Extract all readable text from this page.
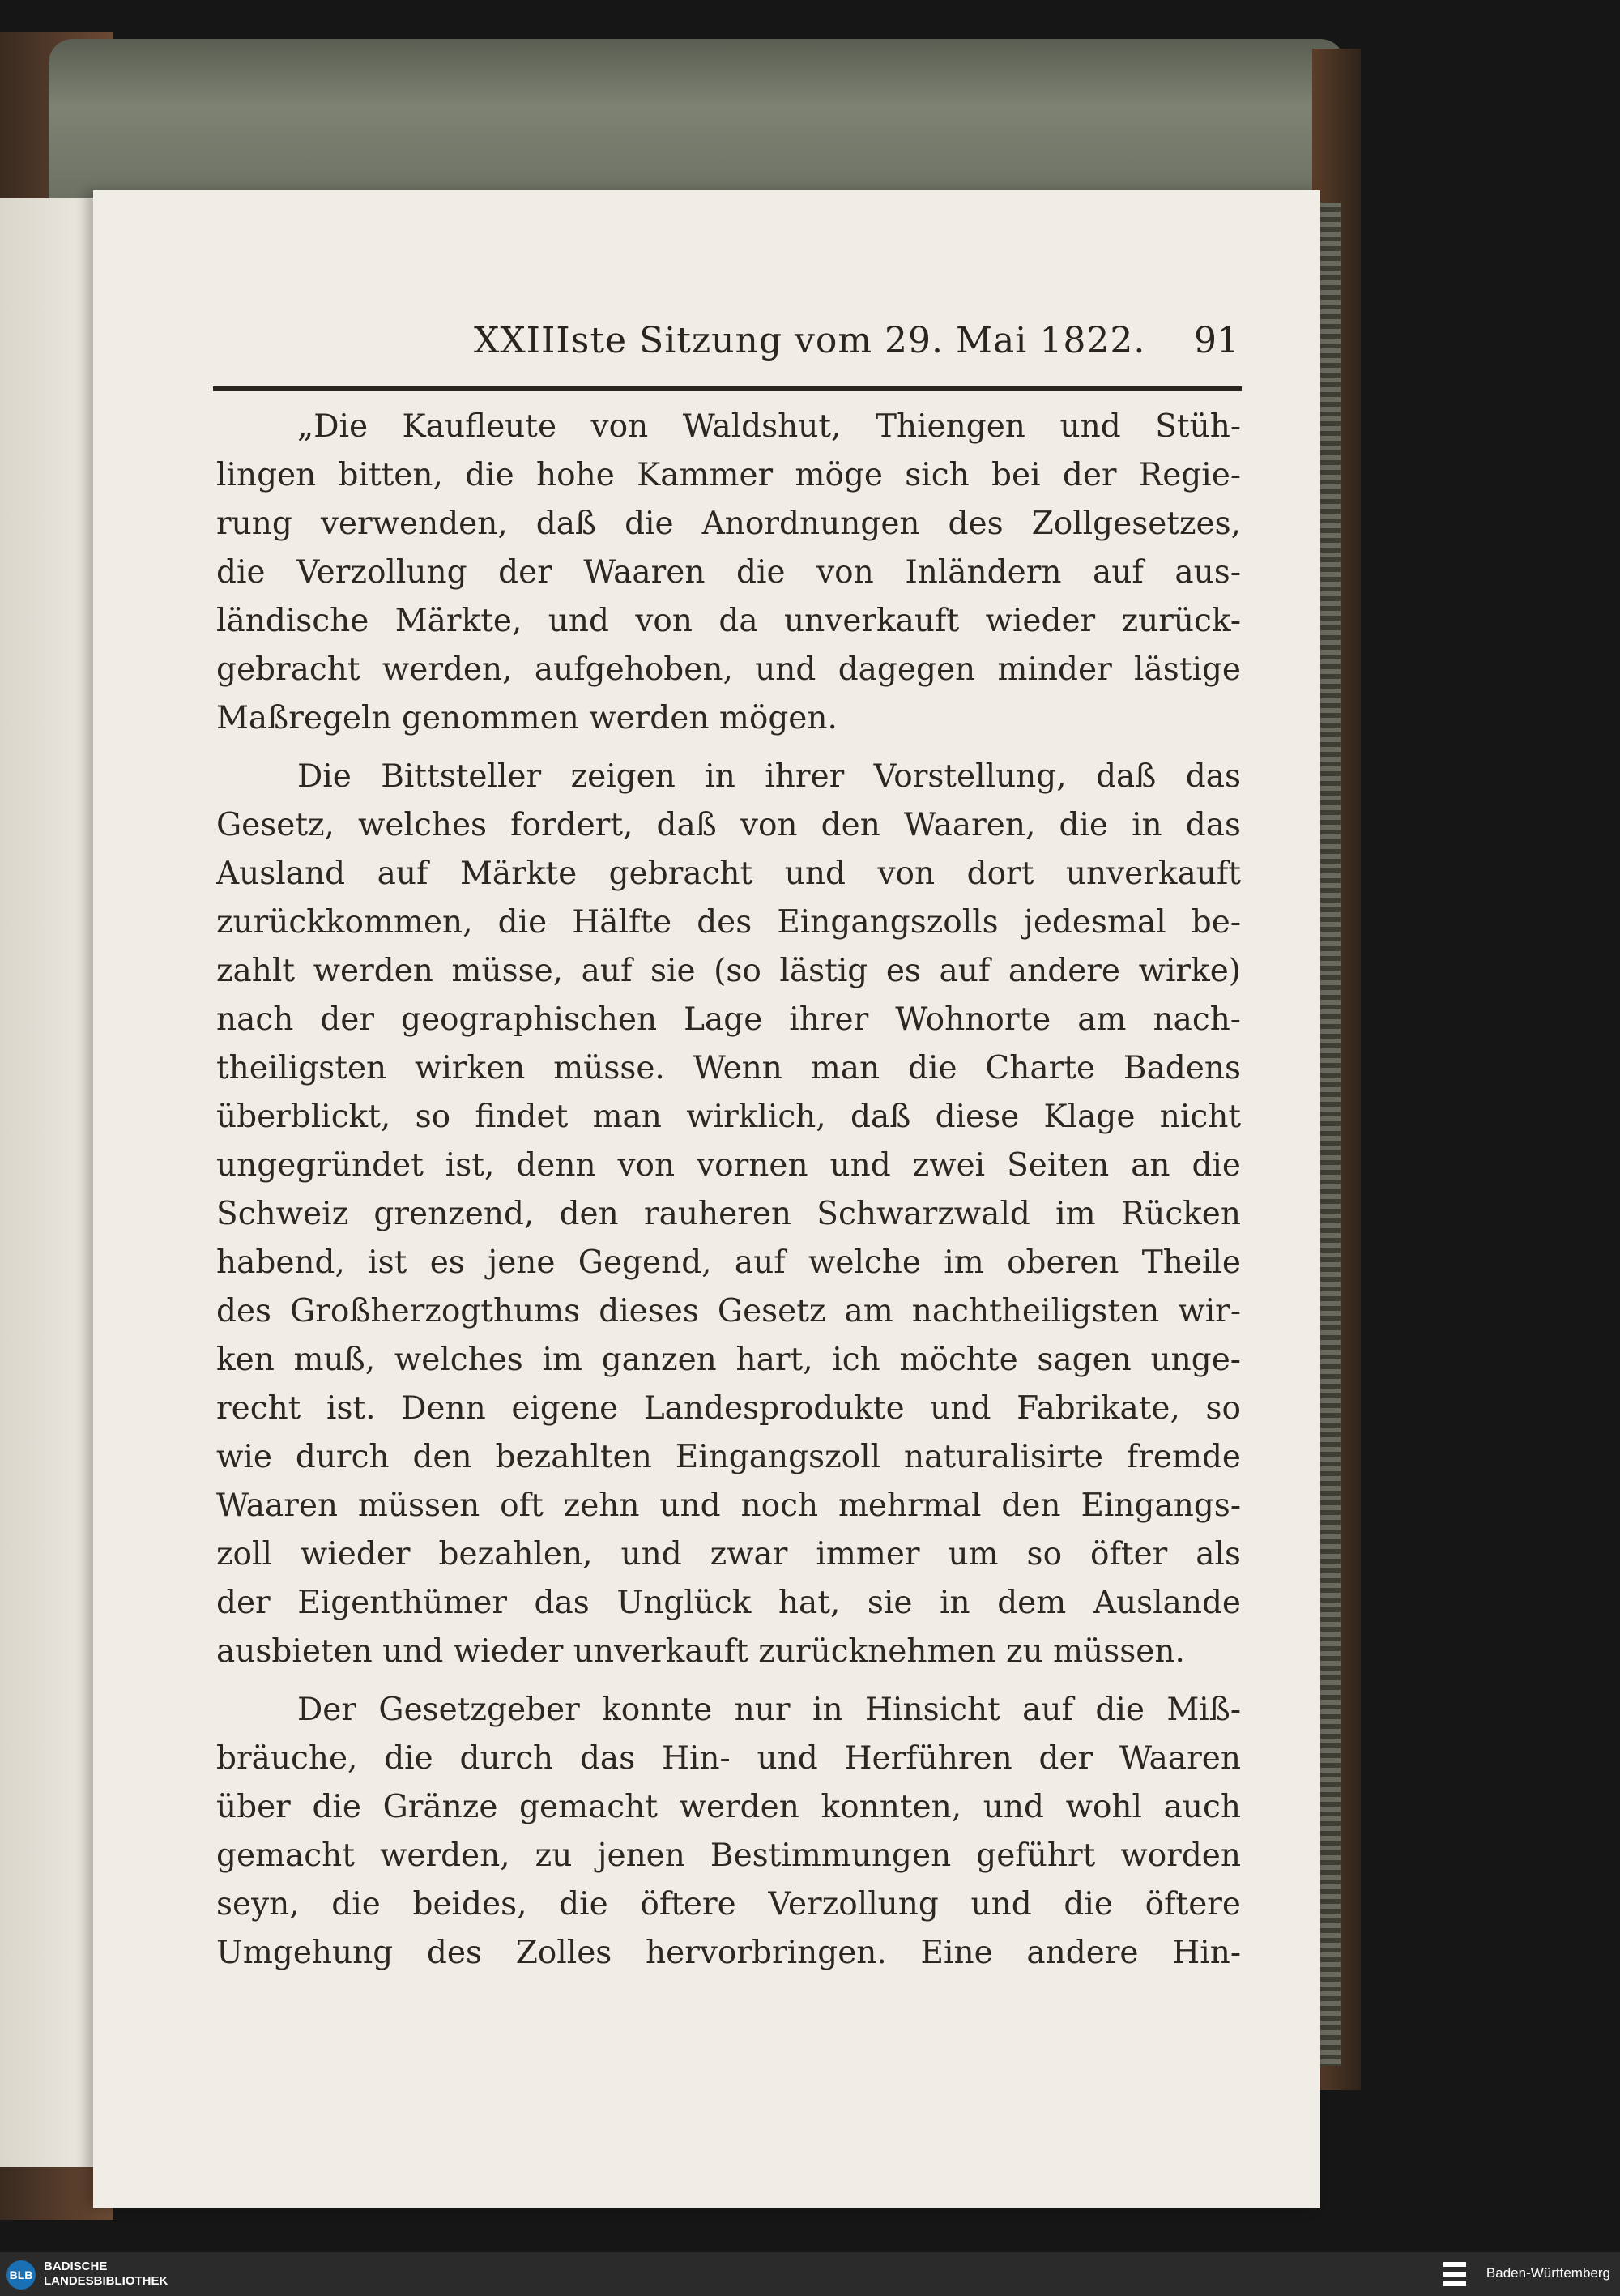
XXIIIste Sitzung vom 29. Mai 1822. 91

„Die Kaufleute von Waldshut, Thiengen und Stüh-
lingen bitten, die hohe Kammer möge sich bei der Regie-
rung verwenden, daß die Anordnungen des Zollgesetzes,
die Verzollung der Waaren die von Inländern auf aus-
ländische Märkte, und von da unverkauft wieder zurück-
gebracht werden, aufgehoben, und dagegen minder lästige
Maßregeln genommen werden mögen.

Die Bittsteller zeigen in ihrer Vorstellung, daß das
Gesetz, welches fordert, daß von den Waaren, die in das
Ausland auf Märkte gebracht und von dort unverkauft
zurückkommen, die Hälfte des Eingangszolls jedesmal be-
zahlt werden müsse, auf sie (so lästig es auf andere wirke)
nach der geographischen Lage ihrer Wohnorte am nach-
theiligsten wirken müsse. Wenn man die Charte Badens
überblickt, so findet man wirklich, daß diese Klage nicht
ungegründet ist, denn von vornen und zwei Seiten an die
Schweiz grenzend, den rauheren Schwarzwald im Rücken
habend, ist es jene Gegend, auf welche im oberen Theile
des Großherzogthums dieses Gesetz am nachtheiligsten wir-
ken muß, welches im ganzen hart, ich möchte sagen unge-
recht ist. Denn eigene Landesprodukte und Fabrikate, so
wie durch den bezahlten Eingangszoll naturalisirte fremde
Waaren müssen oft zehn und noch mehrmal den Eingangs-
zoll wieder bezahlen, und zwar immer um so öfter als
der Eigenthümer das Unglück hat, sie in dem Auslande
ausbieten und wieder unverkauft zurücknehmen zu müssen.

Der Gesetzgeber konnte nur in Hinsicht auf die Miß-
bräuche, die durch das Hin- und Herführen der Waaren
über die Gränze gemacht werden konnten, und wohl auch
gemacht werden, zu jenen Bestimmungen geführt worden
seyn, die beides, die öftere Verzollung und die öftere
Umgehung des Zolles hervorbringen. Eine andere Hin-

BLB
BADISCHE
LANDESBIBLIOTHEK
Baden-Württemberg
